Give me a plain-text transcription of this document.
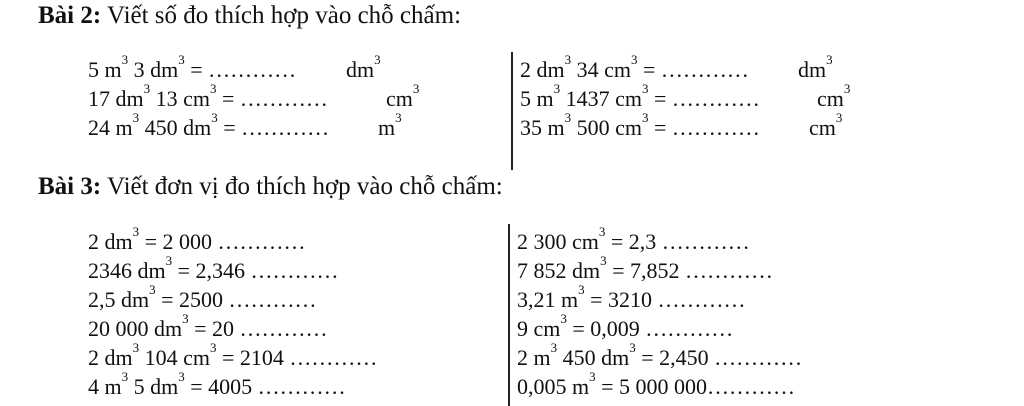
Bài 2: Viết số đo thích hợp vào chỗ chấm:
5 $m^3$ 3 $dm^3$ = ………… $dm^3$
17 $dm^3$ 13 $cm^3$ = …………	$cm^3$
24 $m^3$ 450 $dm^3$ = ………… $m^3$
2 $dm^3$ 34 $cm^3$ = ………… $dm^3$
5 $m^3$ 1437 $cm^3$ = …………	$cm^3$
35 $m^3$ 500 $cm^3$ = ………… $cm^3$
Bài 3: Viết đơn vị đo thích hợp vào chỗ chấm:
2 $dm^3 = 2$ 000 …………
2346 $dm^3 = 2,346$ …………
2,5 $dm^3 = 2500$ …………
20 000 $dm^3 = 20$ …………
2 $dm^3$ 104 $cm^3 = 2104$ …………
4 $m^3$ 5 $dm^3 = 4005$ …………
2 300 $cm^3 = 2,3$ …………
7 852 $dm^3 = 7,852$ …………
3,21 $m^3 = 3210$ …………
9 $cm^3 = 0,009$ …………
2 $m^3$ 450 $dm^3 = 2,450$ …………
0,005 $m^3 = 5$ 000 000…………
